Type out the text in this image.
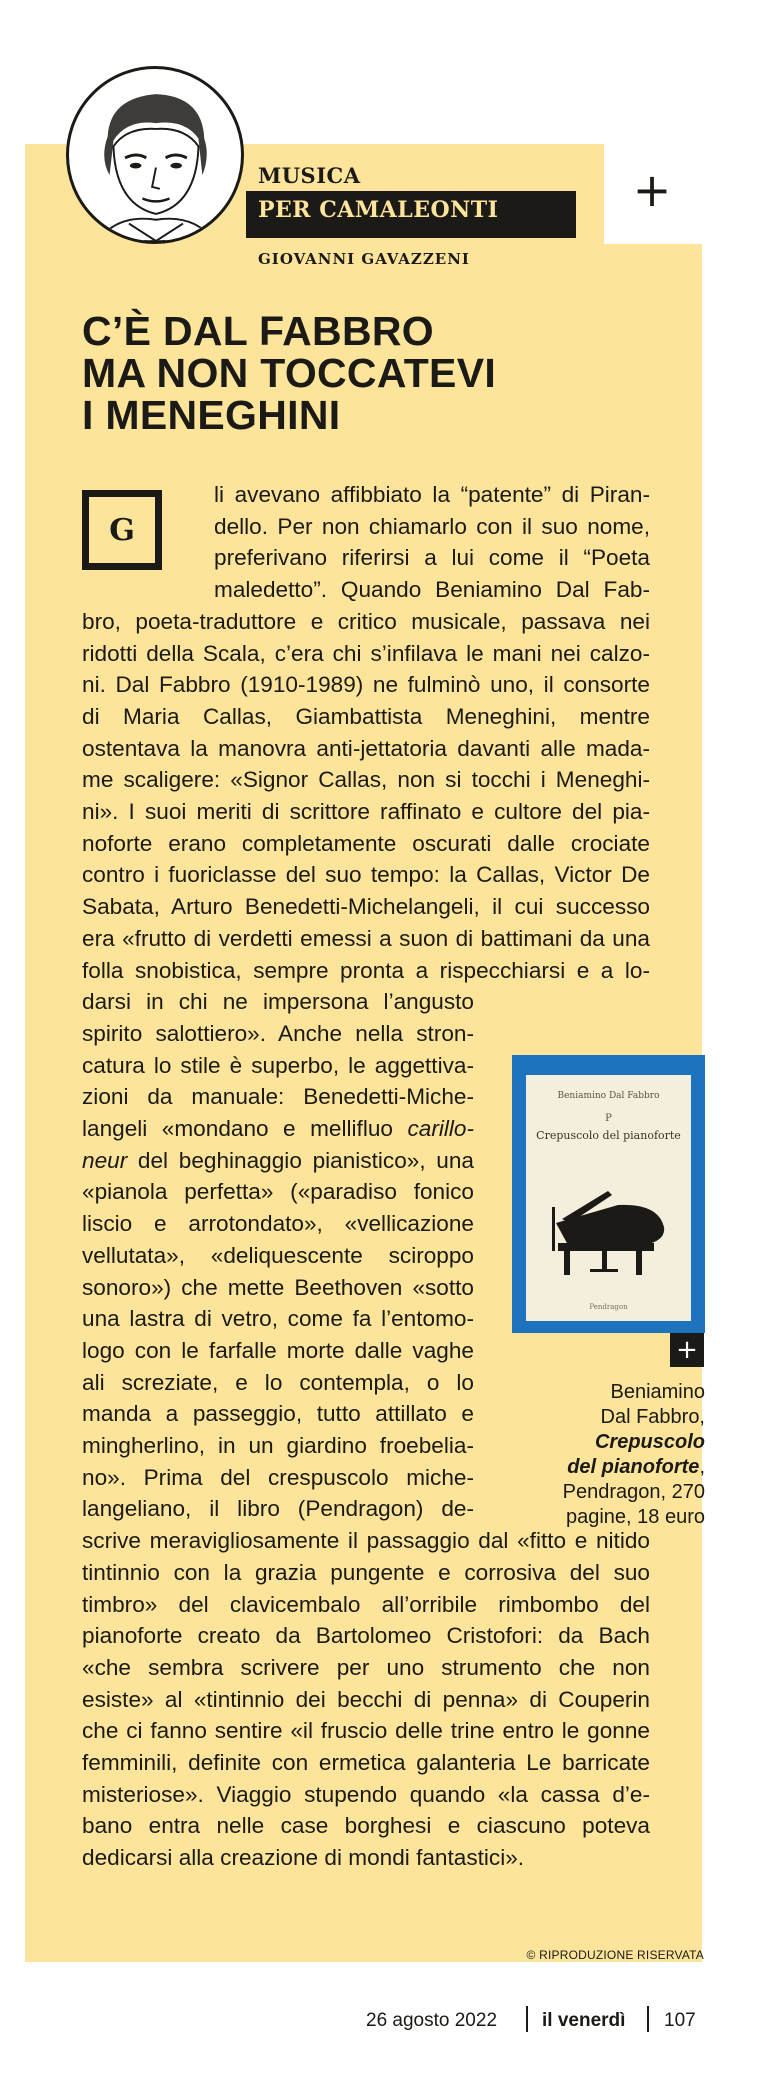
+
MUSICA
PER CAMALEONTI
GIOVANNI GAVAZZENI
C’È DAL FABBRO
MA NON TOCCATEVI
I MENEGHINI
G
li avevano affibbiato la “patente” di Piran-
dello. Per non chiamarlo con il suo nome,
preferivano riferirsi a lui come il “Poeta
maledetto”. Quando Beniamino Dal Fab-
bro, poeta-traduttore e critico musicale, passava nei
ridotti della Scala, c’era chi s’infilava le mani nei calzo-
ni. Dal Fabbro (1910-1989) ne fulminò uno, il consorte
di Maria Callas, Giambattista Meneghini, mentre
ostentava la manovra anti-jettatoria davanti alle mada-
me scaligere: «Signor Callas, non si tocchi i Meneghi-
ni». I suoi meriti di scrittore raffinato e cultore del pia-
noforte erano completamente oscurati dalle crociate
contro i fuoriclasse del suo tempo: la Callas, Victor De
Sabata, Arturo Benedetti-Michelangeli, il cui successo
era «frutto di verdetti emessi a suon di battimani da una
folla snobistica, sempre pronta a rispecchiarsi e a lo-
darsi in chi ne impersona l’angusto
spirito salottiero». Anche nella stron-
catura lo stile è superbo, le aggettiva-
zioni da manuale: Benedetti-Miche-
langeli «mondano e mellifluo carillo-
neur del beghinaggio pianistico», una
«pianola perfetta» («paradiso fonico
liscio e arrotondato», «vellicazione
vellutata», «deliquescente sciroppo
sonoro») che mette Beethoven «sotto
una lastra di vetro, come fa l’entomo-
logo con le farfalle morte dalle vaghe
ali screziate, e lo contempla, o lo
manda a passeggio, tutto attillato e
mingherlino, in un giardino froebelia-
no». Prima del crespuscolo miche-
langeliano, il libro (Pendragon) de-
scrive meravigliosamente il passaggio dal «fitto e nitido
tintinnio con la grazia pungente e corrosiva del suo
timbro» del clavicembalo all’orribile rimbombo del
pianoforte creato da Bartolomeo Cristofori: da Bach
«che sembra scrivere per uno strumento che non
esiste» al «tintinnio dei becchi di penna» di Couperin
che ci fanno sentire «il fruscio delle trine entro le gonne
femminili, definite con ermetica galanteria Le barricate
misteriose». Viaggio stupendo quando «la cassa d’e-
bano entra nelle case borghesi e ciascuno poteva
dedicarsi alla creazione di mondi fantastici».
Beniamino Dal Fabbro
P
Crepuscolo del pianoforte
Pendragon
+
Beniamino
Dal Fabbro,
Crepuscolo
del pianoforte,
Pendragon, 270
pagine, 18 euro
© RIPRODUZIONE RISERVATA
26 agosto 2022 il venerdì 107
